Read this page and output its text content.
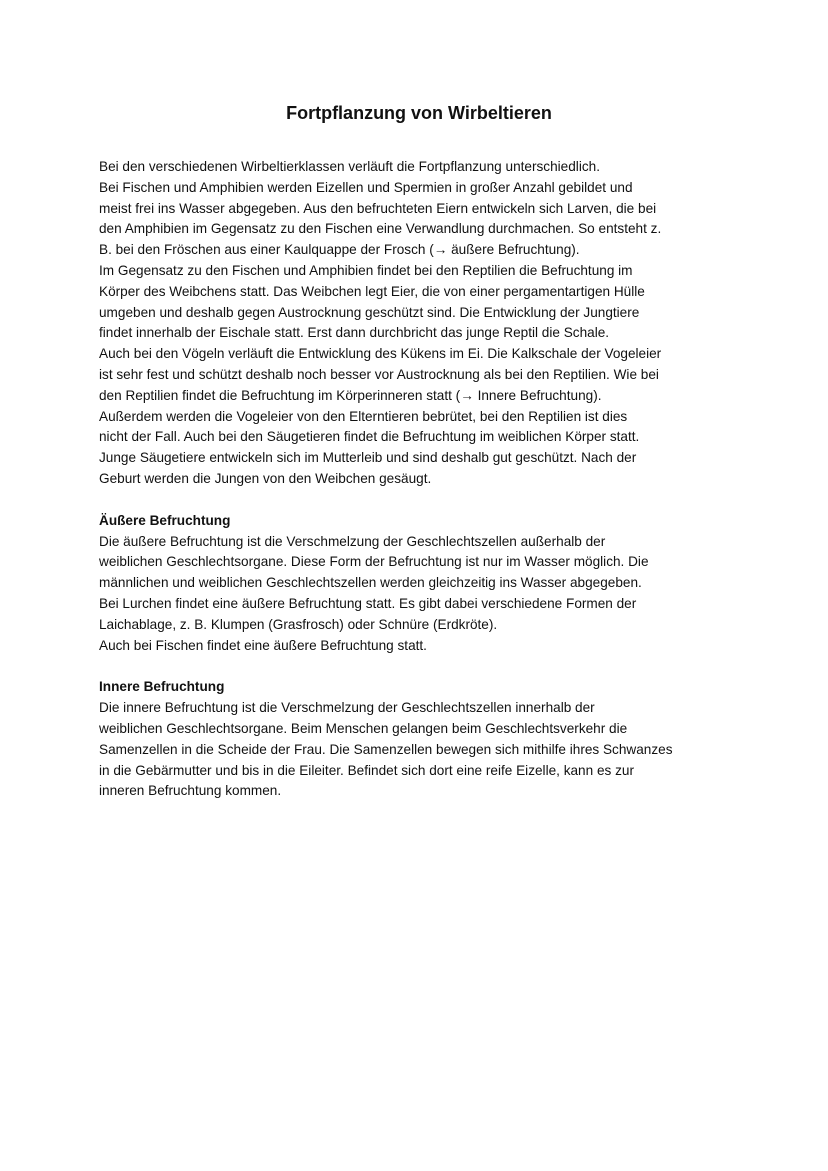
Fortpflanzung von Wirbeltieren

Bei den verschiedenen Wirbeltierklassen verläuft die Fortpflanzung unterschiedlich.

Bei Fischen und Amphibien werden Eizellen und Spermien in großer Anzahl gebildet und

meist frei ins Wasser abgegeben. Aus den befruchteten Eiern entwickeln sich Larven, die bei

den Amphibien im Gegensatz zu den Fischen eine Verwandlung durchmachen. So entsteht z.

B. bei den Fröschen aus einer Kaulquappe der Frosch (→ äußere Befruchtung).

Im Gegensatz zu den Fischen und Amphibien findet bei den Reptilien die Befruchtung im

Körper des Weibchens statt. Das Weibchen legt Eier, die von einer pergamentartigen Hülle

umgeben und deshalb gegen Austrocknung geschützt sind. Die Entwicklung der Jungtiere

findet innerhalb der Eischale statt. Erst dann durchbricht das junge Reptil die Schale.

Auch bei den Vögeln verläuft die Entwicklung des Kükens im Ei. Die Kalkschale der Vogeleier

ist sehr fest und schützt deshalb noch besser vor Austrocknung als bei den Reptilien. Wie bei

den Reptilien findet die Befruchtung im Körperinneren statt (→ Innere Befruchtung).

Außerdem werden die Vogeleier von den Elterntieren bebrütet, bei den Reptilien ist dies

nicht der Fall. Auch bei den Säugetieren findet die Befruchtung im weiblichen Körper statt.

Junge Säugetiere entwickeln sich im Mutterleib und sind deshalb gut geschützt. Nach der

Geburt werden die Jungen von den Weibchen gesäugt.

Äußere Befruchtung

Die äußere Befruchtung ist die Verschmelzung der Geschlechtszellen außerhalb der

weiblichen Geschlechtsorgane. Diese Form der Befruchtung ist nur im Wasser möglich. Die

männlichen und weiblichen Geschlechtszellen werden gleichzeitig ins Wasser abgegeben.

Bei Lurchen findet eine äußere Befruchtung statt. Es gibt dabei verschiedene Formen der

Laichablage, z. B. Klumpen (Grasfrosch) oder Schnüre (Erdkröte).

Auch bei Fischen findet eine äußere Befruchtung statt.

Innere Befruchtung

Die innere Befruchtung ist die Verschmelzung der Geschlechtszellen innerhalb der

weiblichen Geschlechtsorgane. Beim Menschen gelangen beim Geschlechtsverkehr die

Samenzellen in die Scheide der Frau. Die Samenzellen bewegen sich mithilfe ihres Schwanzes

in die Gebärmutter und bis in die Eileiter. Befindet sich dort eine reife Eizelle, kann es zur

inneren Befruchtung kommen.
